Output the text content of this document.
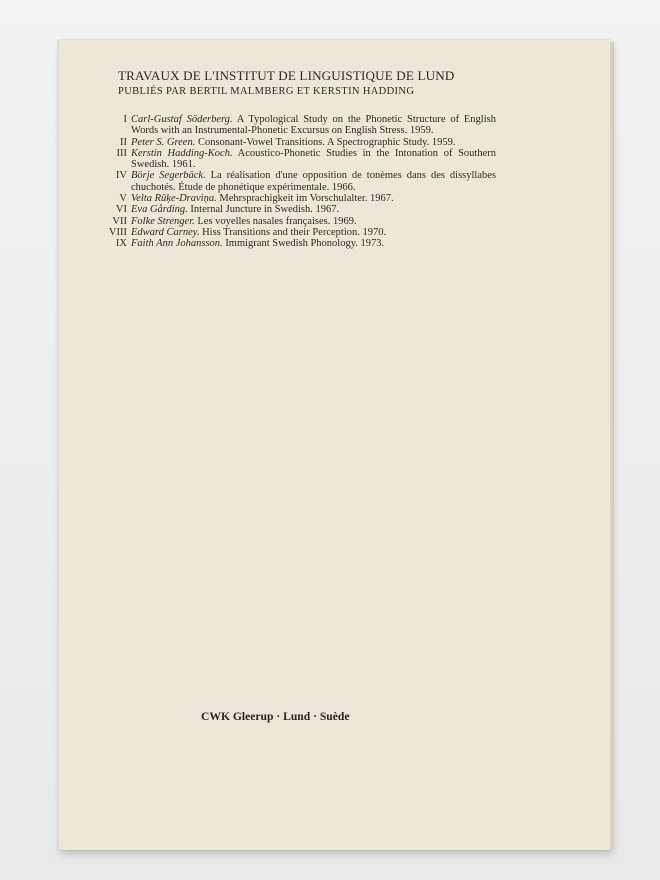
TRAVAUX DE L'INSTITUT DE LINGUISTIQUE DE LUND
PUBLIÉS PAR BERTIL MALMBERG ET KERSTIN HADDING
I Carl-Gustaf Söderberg. A Typological Study on the Phonetic Structure of English Words with an Instrumental-Phonetic Excursus on English Stress. 1959.
II Peter S. Green. Consonant-Vowel Transitions. A Spectrographic Study. 1959.
III Kerstin Hadding-Koch. Acoustico-Phonetic Studies in the Intonation of Southern Swedish. 1961.
IV Börje Segerbäck. La réalisation d'une opposition de tonèmes dans des dissyllabes chuchotés. Étude de phonétique expérimentale. 1966.
V Velta Rūķe-Draviņa. Mehrsprachigkeit im Vorschulalter. 1967.
VI Eva Gårding. Internal Juncture in Swedish. 1967.
VII Folke Strenger. Les voyelles nasales françaises. 1969.
VIII Edward Carney. Hiss Transitions and their Perception. 1970.
IX Faith Ann Johansson. Immigrant Swedish Phonology. 1973.
CWK Gleerup · Lund · Suède
